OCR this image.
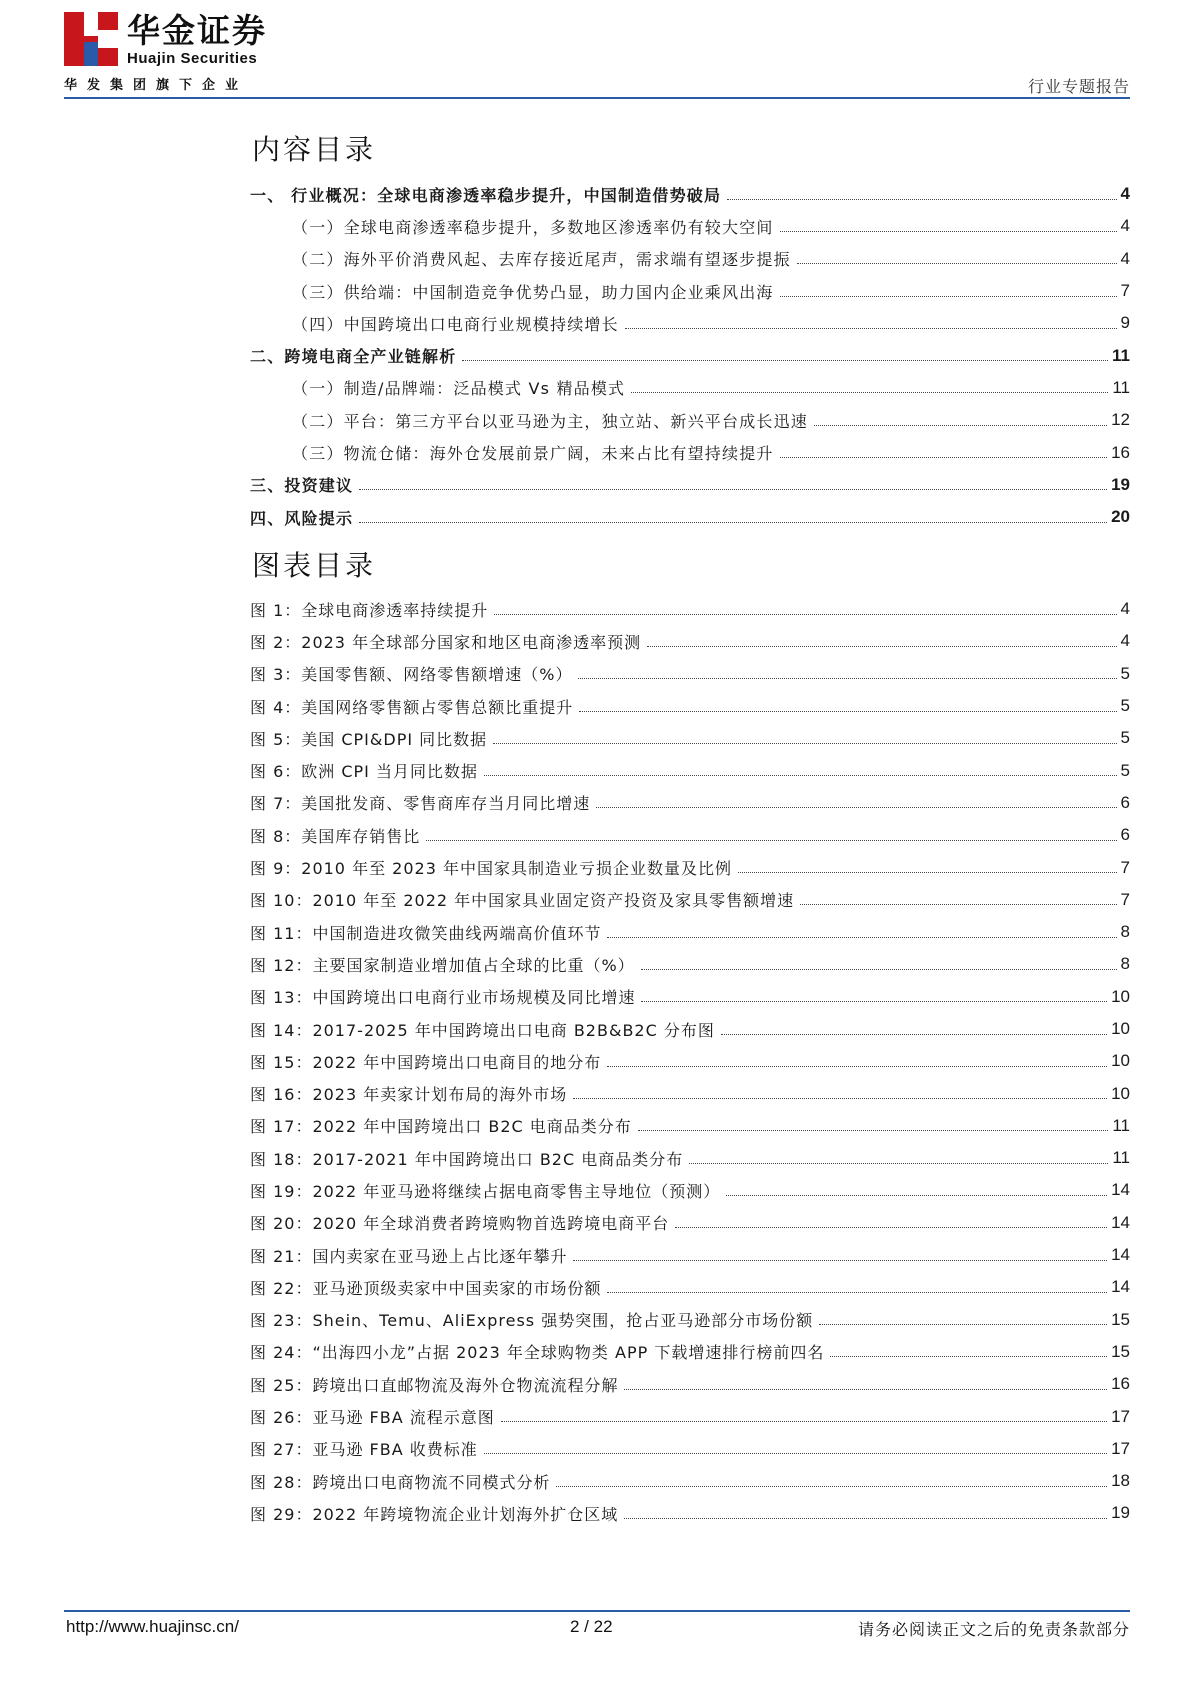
华金证券
Huajin Securities
华发集团旗下企业	行业专题报告
内容目录
一、 行业概况：全球电商渗透率稳步提升，中国制造借势破局	4
（一）全球电商渗透率稳步提升，多数地区渗透率仍有较大空间	4
（二）海外平价消费风起、去库存接近尾声，需求端有望逐步提振	4
（三）供给端：中国制造竞争优势凸显，助力国内企业乘风出海	7
（四）中国跨境出口电商行业规模持续增长	9
二、跨境电商全产业链解析	11
（一）制造/品牌端：泛品模式 Vs 精品模式	11
（二）平台：第三方平台以亚马逊为主，独立站、新兴平台成长迅速	12
（三）物流仓储：海外仓发展前景广阔，未来占比有望持续提升	16
三、投资建议	19
四、风险提示	20
图表目录
图 1：全球电商渗透率持续提升	4
图 2：2023 年全球部分国家和地区电商渗透率预测	4
图 3：美国零售额、网络零售额增速（%）	5
图 4：美国网络零售额占零售总额比重提升	5
图 5：美国 CPI&DPI 同比数据	5
图 6：欧洲 CPI 当月同比数据	5
图 7：美国批发商、零售商库存当月同比增速	6
图 8：美国库存销售比	6
图 9：2010 年至 2023 年中国家具制造业亏损企业数量及比例	7
图 10：2010 年至 2022 年中国家具业固定资产投资及家具零售额增速	7
图 11：中国制造进攻微笑曲线两端高价值环节	8
图 12：主要国家制造业增加值占全球的比重（%）	8
图 13：中国跨境出口电商行业市场规模及同比增速	10
图 14：2017-2025 年中国跨境出口电商 B2B&B2C 分布图	10
图 15：2022 年中国跨境出口电商目的地分布	10
图 16：2023 年卖家计划布局的海外市场	10
图 17：2022 年中国跨境出口 B2C 电商品类分布	11
图 18：2017-2021 年中国跨境出口 B2C 电商品类分布	11
图 19：2022 年亚马逊将继续占据电商零售主导地位（预测）	14
图 20：2020 年全球消费者跨境购物首选跨境电商平台	14
图 21：国内卖家在亚马逊上占比逐年攀升	14
图 22：亚马逊顶级卖家中中国卖家的市场份额	14
图 23：Shein、Temu、AliExpress 强势突围，抢占亚马逊部分市场份额	15
图 24：“出海四小龙”占据 2023 年全球购物类 APP 下载增速排行榜前四名	15
图 25：跨境出口直邮物流及海外仓物流流程分解	16
图 26：亚马逊 FBA 流程示意图	17
图 27：亚马逊 FBA 收费标准	17
图 28：跨境出口电商物流不同模式分析	18
图 29：2022 年跨境物流企业计划海外扩仓区域	19
http://www.huajinsc.cn/	2 / 22	请务必阅读正文之后的免责条款部分
